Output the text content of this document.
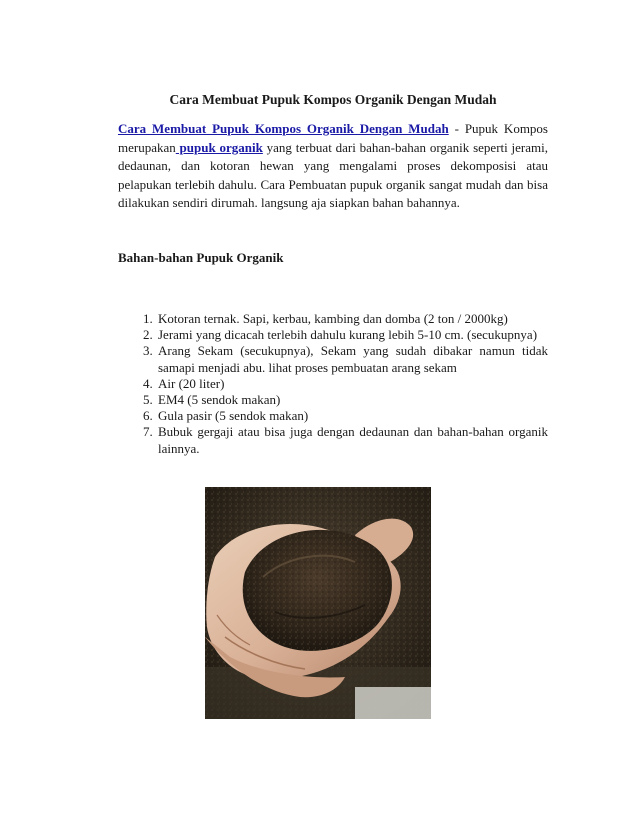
Cara Membuat Pupuk Kompos Organik Dengan Mudah

Cara Membuat Pupuk Kompos Organik Dengan Mudah - Pupuk Kompos merupakan pupuk organik yang terbuat dari bahan-bahan organik seperti jerami, dedaunan, dan kotoran hewan yang mengalami proses dekomposisi atau pelapukan terlebih dahulu. Cara Pembuatan pupuk organik sangat mudah dan bisa dilakukan sendiri dirumah. langsung aja siapkan bahan bahannya.

Bahan-bahan Pupuk Organik
1. Kotoran ternak. Sapi, kerbau, kambing dan domba (2 ton / 2000kg)
2. Jerami yang dicacah terlebih dahulu kurang lebih 5-10 cm. (secukupnya)
3. Arang Sekam (secukupnya), Sekam yang sudah dibakar namun tidak samapi menjadi abu. lihat proses pembuatan arang sekam
4. Air (20 liter)
5. EM4 (5 sendok makan)
6. Gula pasir (5 sendok makan)
7. Bubuk gergaji atau bisa juga dengan dedaunan dan bahan-bahan organik lainnya.
